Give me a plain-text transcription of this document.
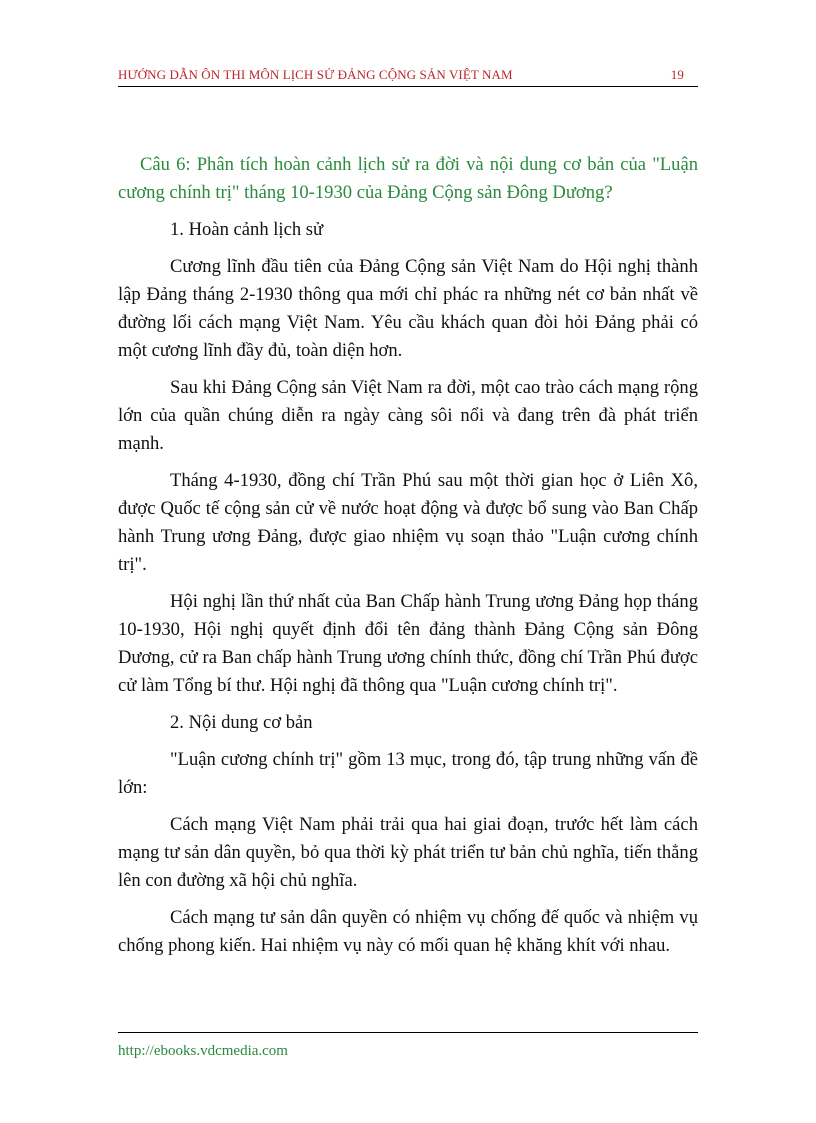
HƯỚNG DẪN ÔN THI MÔN LỊCH SỬ ĐẢNG CỘNG SẢN VIỆT NAM	19

Câu 6: Phân tích hoàn cảnh lịch sử ra đời và nội dung cơ bản của "Luận cương chính trị" tháng 10-1930 của Đảng Cộng sản Đông Dương?

1. Hoàn cảnh lịch sử

Cương lĩnh đầu tiên của Đảng Cộng sản Việt Nam do Hội nghị thành lập Đảng tháng 2-1930 thông qua mới chỉ phác ra những nét cơ bản nhất về đường lối cách mạng Việt Nam. Yêu cầu khách quan đòi hỏi Đảng phải có một cương lĩnh đầy đủ, toàn diện hơn.

Sau khi Đảng Cộng sản Việt Nam ra đời, một cao trào cách mạng rộng lớn của quần chúng diễn ra ngày càng sôi nổi và đang trên đà phát triển mạnh.

Tháng 4-1930, đồng chí Trần Phú sau một thời gian học ở Liên Xô, được Quốc tế cộng sản cử về nước hoạt động và được bổ sung vào Ban Chấp hành Trung ương Đảng, được giao nhiệm vụ soạn thảo "Luận cương chính trị".

Hội nghị lần thứ nhất của Ban Chấp hành Trung ương Đảng họp tháng 10-1930, Hội nghị quyết định đổi tên đảng thành Đảng Cộng sản Đông Dương, cử ra Ban chấp hành Trung ương chính thức, đồng chí Trần Phú được cử làm Tổng bí thư. Hội nghị đã thông qua "Luận cương chính trị".

2. Nội dung cơ bản

"Luận cương chính trị" gồm 13 mục, trong đó, tập trung những vấn đề lớn:

Cách mạng Việt Nam phải trải qua hai giai đoạn, trước hết làm cách mạng tư sản dân quyền, bỏ qua thời kỳ phát triển tư bản chủ nghĩa, tiến thẳng lên con đường xã hội chủ nghĩa.

Cách mạng tư sản dân quyền có nhiệm vụ chống đế quốc và nhiệm vụ chống phong kiến. Hai nhiệm vụ này có mối quan hệ khăng khít với nhau.

http://ebooks.vdcmedia.com
